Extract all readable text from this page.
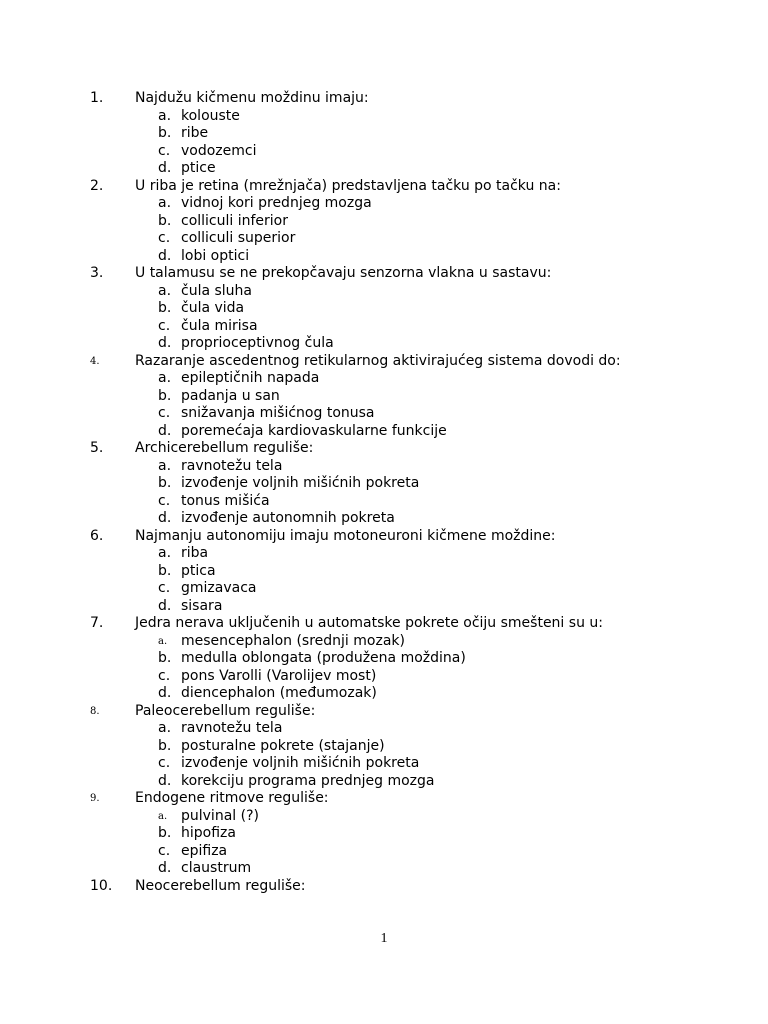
1. Najdužu kičmenu moždinu imaju:
a. kolouste
b. ribe
c. vodozemci
d. ptice
2. U riba je retina (mrežnjača) predstavljena tačku po tačku na:
a. vidnoj kori prednjeg mozga
b. colliculi inferior
c. colliculi superior
d. lobi optici
3. U talamusu se ne prekopčavaju senzorna vlakna u sastavu:
a. čula sluha
b. čula vida
c. čula mirisa
d. proprioceptivnog čula
4.	Razaranje ascedentnog retikularnog aktivirajućeg sistema dovodi do:
a. epileptičnih napada
b. padanja u san
c. snižavanja mišićnog tonusa
d. poremećaja kardiovaskularne funkcije
5. Archicerebellum reguliše:
a. ravnotežu tela
b. izvođenje voljnih mišićnih pokreta
c. tonus mišića
d. izvođenje autonomnih pokreta
6. Najmanju autonomiju imaju motoneuroni kičmene moždine:
a. riba
b. ptica
c. gmizavaca
d. sisara
7. Jedra nerava uključenih u automatske pokrete očiju smešteni su u:
a. mesencephalon (srednji mozak)
b. medulla oblongata (produžena moždina)
c. pons Varolli (Varolijev most)
d. diencephalon (međumozak)
8.	Paleocerebellum reguliše:
a. ravnotežu tela
b. posturalne pokrete (stajanje)
c. izvođenje voljnih mišićnih pokreta
d. korekciju programa prednjeg mozga
9.	Endogene ritmove reguliše:
a. pulvinal (?)
b. hipofiza
c. epifiza
d. claustrum
10. Neocerebellum reguliše:
1
